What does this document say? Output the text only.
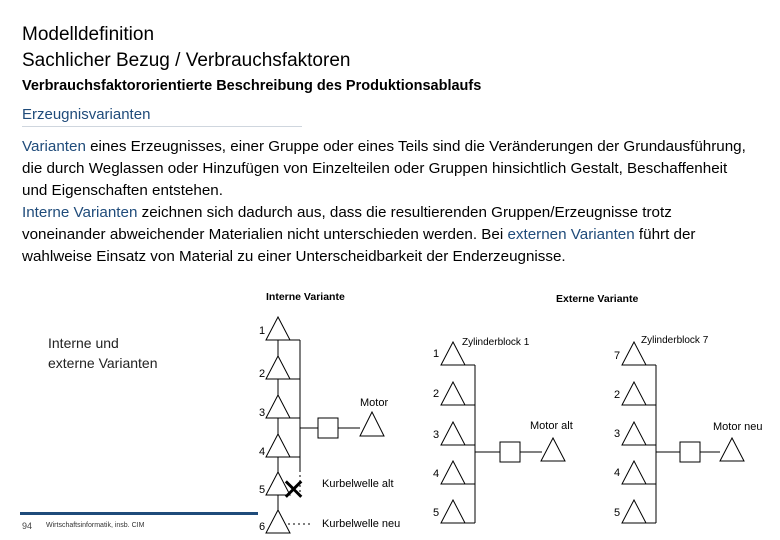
Modelldefinition
Sachlicher Bezug / Verbrauchsfaktoren
Verbrauchsfaktororientierte Beschreibung des Produktionsablaufs
Erzeugnisvarianten
Varianten eines Erzeugnisses, einer Gruppe oder eines Teils sind die Veränderungen der Grundausführung, die durch Weglassen oder Hinzufügen von Einzelteilen oder Gruppen hinsichtlich Gestalt, Beschaffenheit und Eigenschaften entstehen.
Interne Varianten zeichnen sich dadurch aus, dass die resultierenden Gruppen/Erzeugnisse trotz voneinander abweichender Materialien nicht unterschieden werden. Bei externen Varianten führt der wahlweise Einsatz von Material zu einer Unterscheidbarkeit der Enderzeugnisse.
Interne und
externe Varianten
Interne Variante
1
2
3
4
5
6
Motor
✕ Kurbelwelle alt
Kurbelwelle neu
Externe Variante
Zylinderblock 1
1
2
3
4
5
Motor alt
Zylinderblock 7
7
2
3
4
5
Motor neu
94 Wirtschaftsinformatik, insb. CIM
